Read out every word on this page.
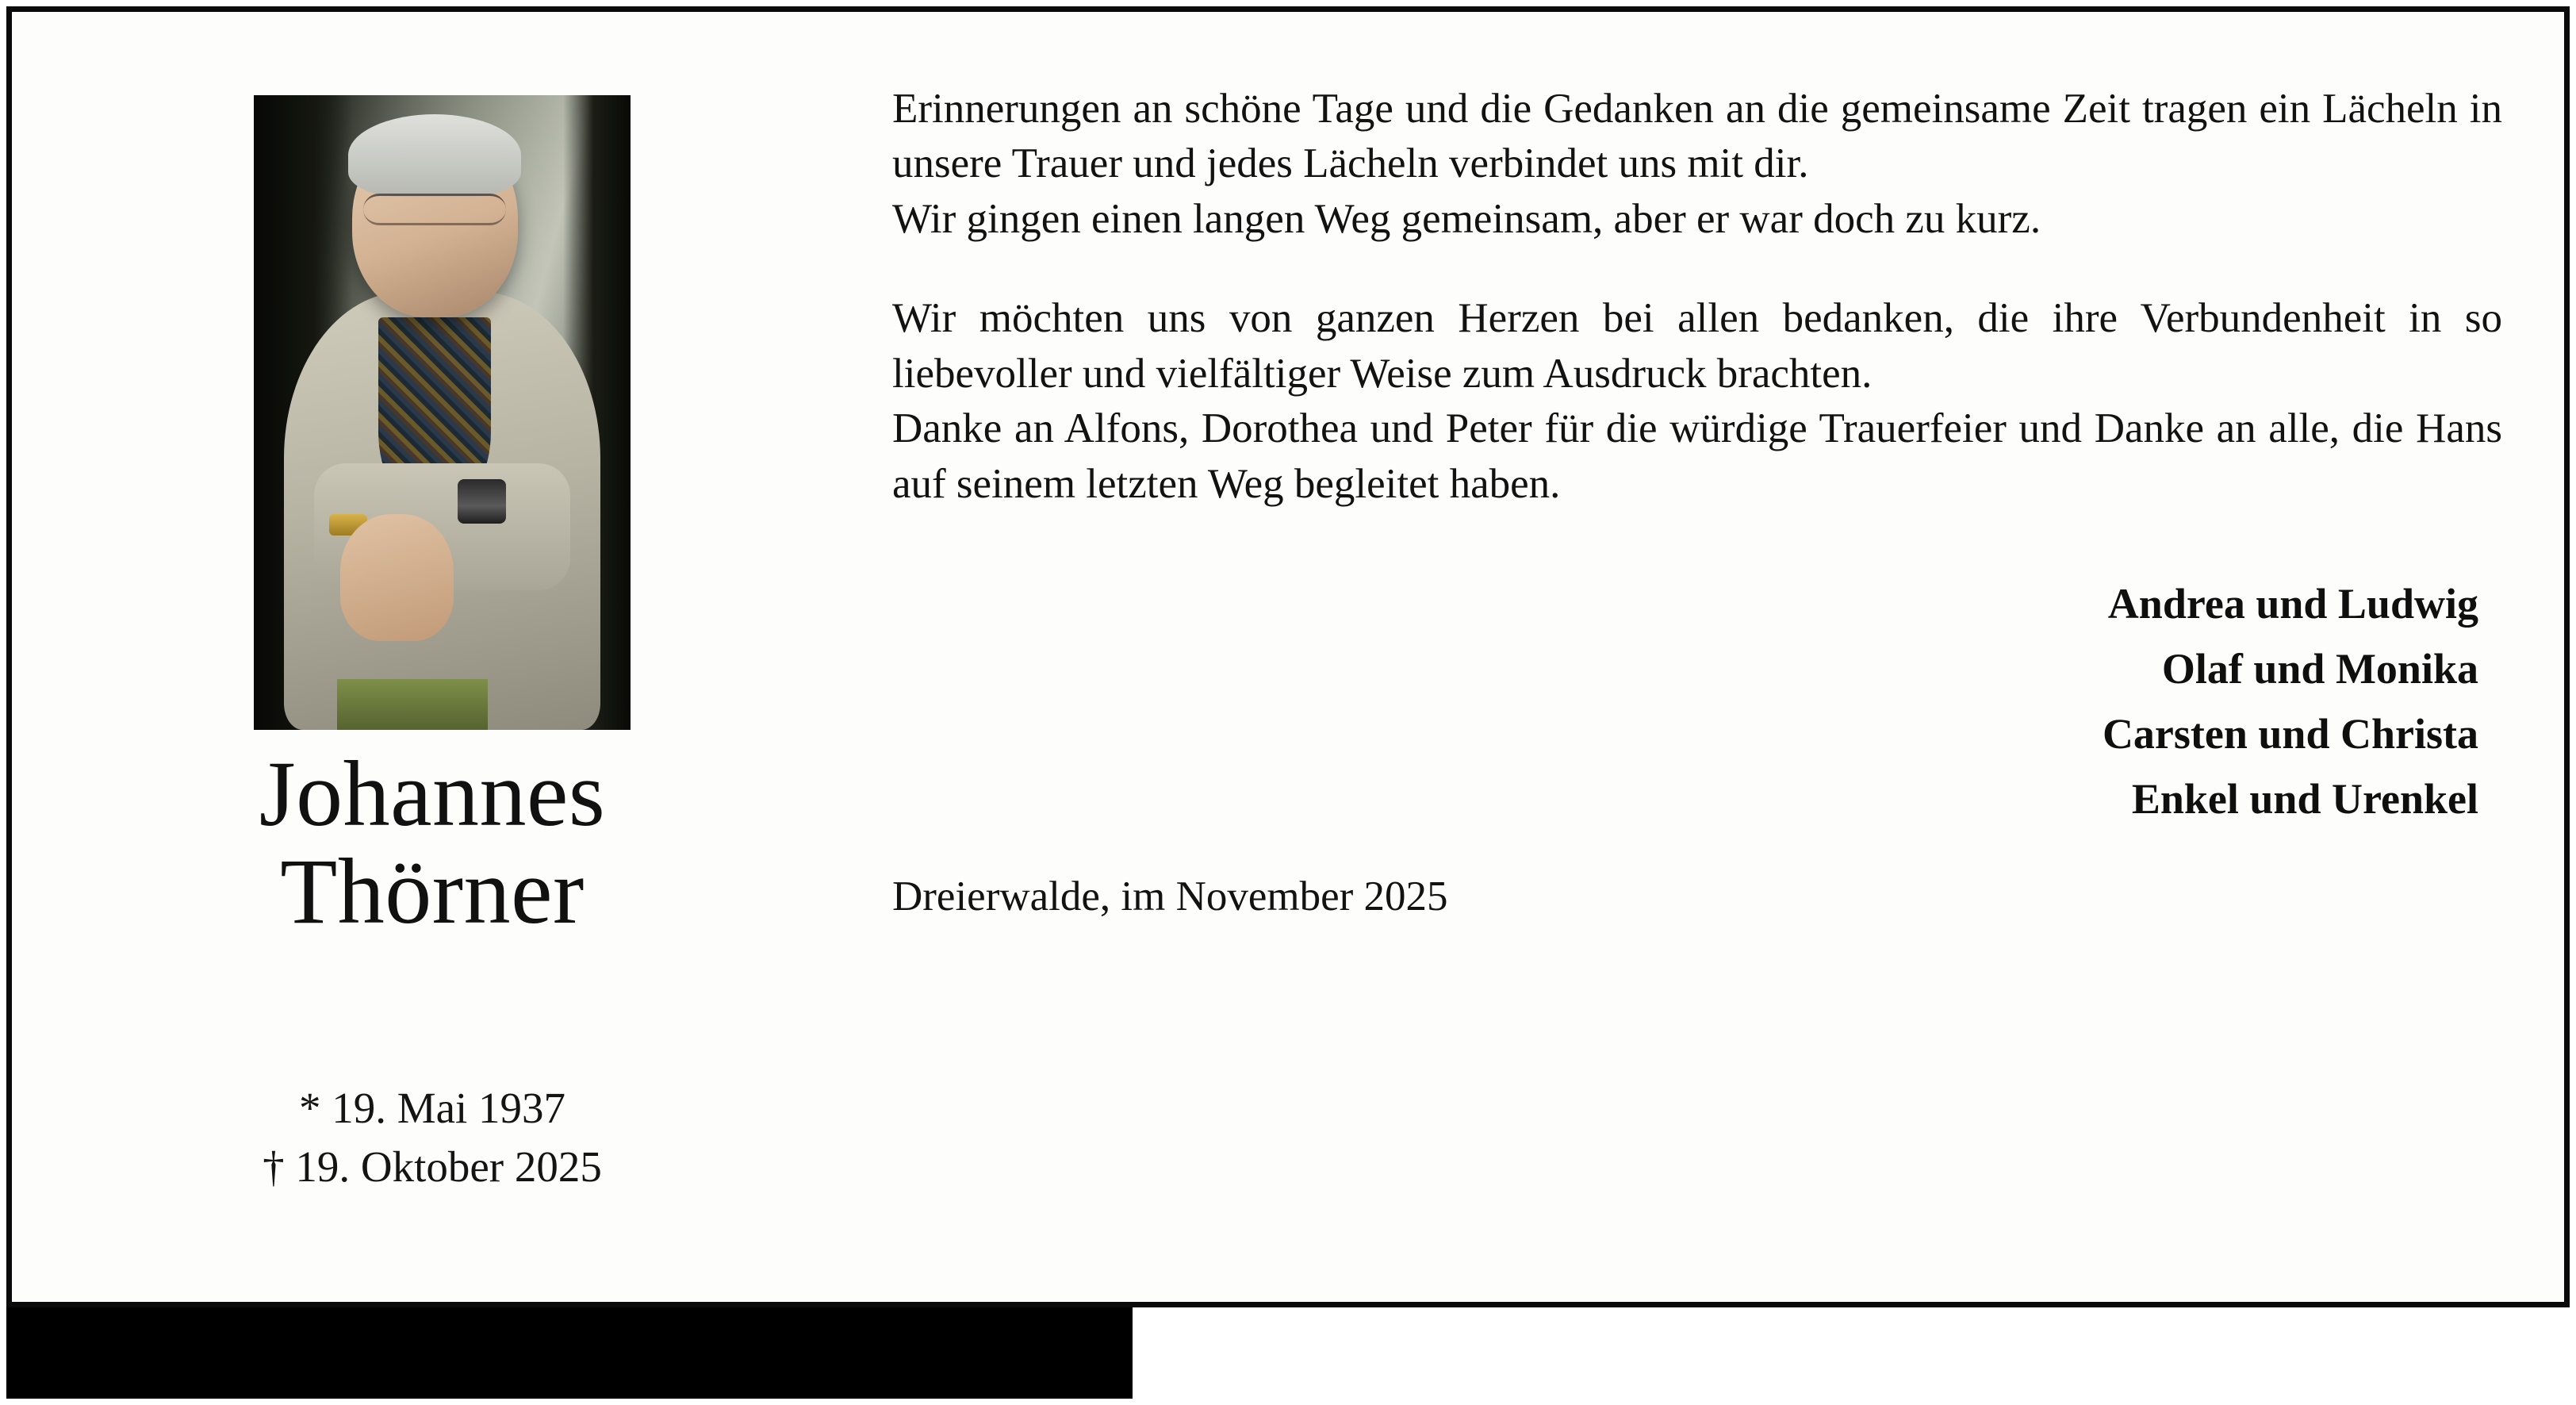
Johannes
Thörner
* 19. Mai 1937
† 19. Oktober 2025

Erinnerungen an schöne Tage und die Gedanken an die gemeinsame Zeit tragen ein Lächeln in unsere Trauer und jedes Lächeln verbindet uns mit dir.

Wir gingen einen langen Weg gemeinsam, aber er war doch zu kurz.

Wir möchten uns von ganzen Herzen bei allen bedanken, die ihre Verbundenheit in so liebevoller und vielfältiger Weise zum Ausdruck brachten.

Danke an Alfons, Dorothea und Peter für die würdige Trauerfeier und Danke an alle, die Hans auf seinem letzten Weg begleitet haben.

Andrea und Ludwig
Olaf und Monika
Carsten und Christa
Enkel und Urenkel
Dreierwalde, im November 2025
